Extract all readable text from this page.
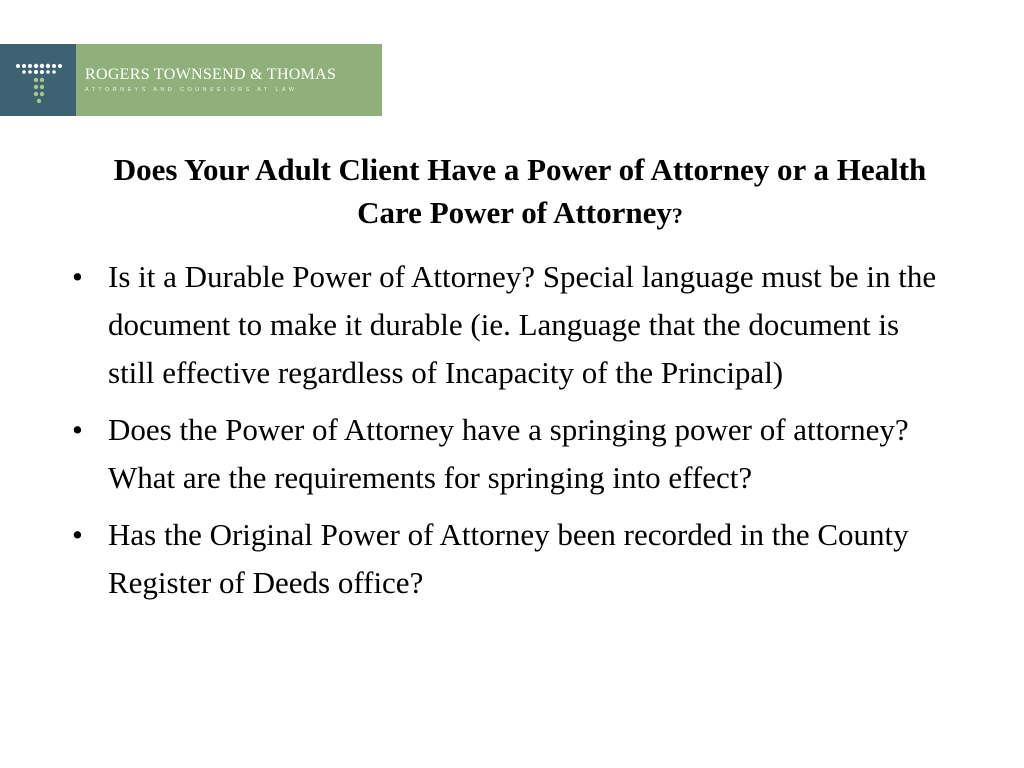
ROGERS TOWNSEND & THOMAS
ATTORNEYS AND COUNSELORS AT LAW
Does Your Adult Client Have a Power of Attorney or a Health Care Power of Attorney?
• Is it a Durable Power of Attorney? Special language must be in the document to make it durable (ie. Language that the document is still effective regardless of Incapacity of the Principal)
• Does the Power of Attorney have a springing power of attorney? What are the requirements for springing into effect?
• Has the Original Power of Attorney been recorded in the County Register of Deeds office?
